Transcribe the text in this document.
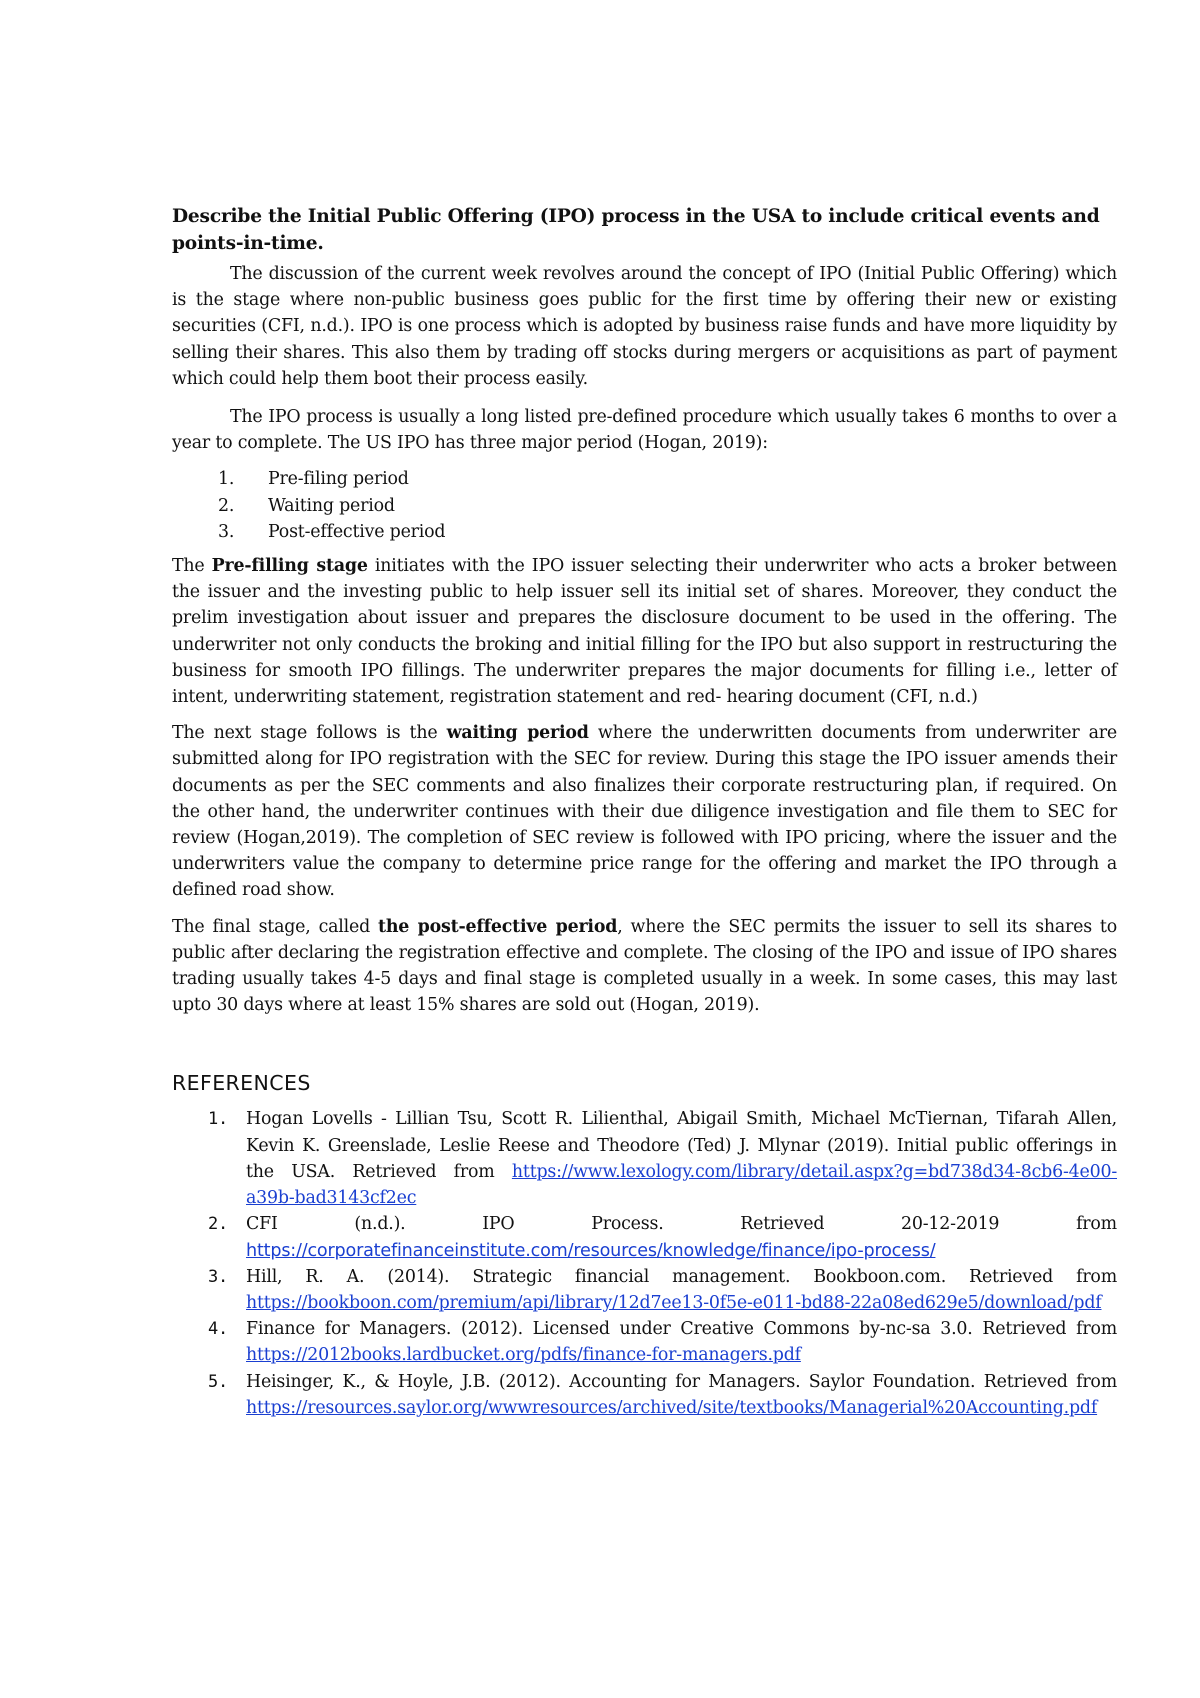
Describe the Initial Public Offering (IPO) process in the USA to include critical events and points-in-time.

The discussion of the current week revolves around the concept of IPO (Initial Public Offering) which is the stage where non-public business goes public for the first time by offering their new or existing securities (CFI, n.d.). IPO is one process which is adopted by business raise funds and have more liquidity by selling their shares. This also them by trading off stocks during mergers or acquisitions as part of payment which could help them boot their process easily.

The IPO process is usually a long listed pre-defined procedure which usually takes 6 months to over a year to complete. The US IPO has three major period (Hogan, 2019):

1. Pre-filing period
2. Waiting period
3. Post-effective period

The Pre-filling stage initiates with the IPO issuer selecting their underwriter who acts a broker between the issuer and the investing public to help issuer sell its initial set of shares. Moreover, they conduct the prelim investigation about issuer and prepares the disclosure document to be used in the offering. The underwriter not only conducts the broking and initial filling for the IPO but also support in restructuring the business for smooth IPO fillings. The underwriter prepares the major documents for filling i.e., letter of intent, underwriting statement, registration statement and red- hearing document (CFI, n.d.)

The next stage follows is the waiting period where the underwritten documents from underwriter are submitted along for IPO registration with the SEC for review. During this stage the IPO issuer amends their documents as per the SEC comments and also finalizes their corporate restructuring plan, if required. On the other hand, the underwriter continues with their due diligence investigation and file them to SEC for review (Hogan,2019). The completion of SEC review is followed with IPO pricing, where the issuer and the underwriters value the company to determine price range for the offering and market the IPO through a defined road show.

The final stage, called the post-effective period, where the SEC permits the issuer to sell its shares to public after declaring the registration effective and complete. The closing of the IPO and issue of IPO shares trading usually takes 4-5 days and final stage is completed usually in a week. In some cases, this may last upto 30 days where at least 15% shares are sold out (Hogan, 2019).

REFERENCES
1. Hogan Lovells - Lillian Tsu, Scott R. Lilienthal, Abigail Smith, Michael McTiernan, Tifarah Allen, Kevin K. Greenslade, Leslie Reese and Theodore (Ted) J. Mlynar (2019). Initial public offerings in the USA. Retrieved from https://www.lexology.com/library/detail.aspx?g=bd738d34-8cb6-4e00-a39b-bad3143cf2ec
2. CFI	(n.d.).	IPO	Process.	Retrieved	20-12-2019	from
https://corporatefinanceinstitute.com/resources/knowledge/finance/ipo-process/
3. Hill, R. A. (2014). Strategic financial management. Bookboon.com. Retrieved from https://bookboon.com/premium/api/library/12d7ee13-0f5e-e011-bd88-22a08ed629e5/download/pdf
4. Finance for Managers. (2012). Licensed under Creative Commons by-nc-sa 3.0. Retrieved from https://2012books.lardbucket.org/pdfs/finance-for-managers.pdf
5. Heisinger, K., & Hoyle, J.B. (2012). Accounting for Managers. Saylor Foundation. Retrieved from https://resources.saylor.org/wwwresources/archived/site/textbooks/Managerial%20Accounting.pdf
